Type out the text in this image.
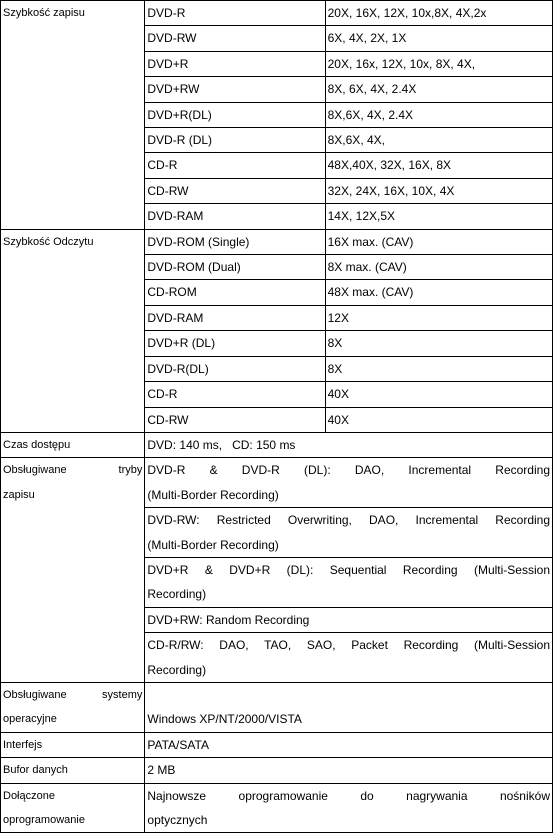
Szybkość zapisu	DVD-R	20X, 16X, 12X, 10x,8X, 4X,2x
	DVD-RW	6X, 4X, 2X, 1X
	DVD+R	20X, 16x, 12X, 10x, 8X, 4X,
	DVD+RW	8X, 6X, 4X, 2.4X
	DVD+R(DL)	8X,6X, 4X, 2.4X
	DVD-R (DL)	8X,6X, 4X,
	CD-R	48X,40X, 32X, 16X, 8X
	CD-RW	32X, 24X, 16X, 10X, 4X
	DVD-RAM	14X, 12X,5X
Szybkość Odczytu	DVD-ROM (Single)	16X max. (CAV)
	DVD-ROM (Dual)	8X max. (CAV)
	CD-ROM	48X max. (CAV)
	DVD-RAM	12X
	DVD+R (DL)	8X
	DVD-R(DL)	8X
	CD-R	40X
	CD-RW	40X
Czas dostępu	DVD: 140 ms,   CD: 150 ms	

Obsługiwane tryby
zapisu	DVD-R & DVD-R (DL): DAO, Incremental Recording
(Multi-Border Recording)	

	DVD-RW: Restricted Overwriting, DAO, Incremental Recording
(Multi-Border Recording)	

	DVD+R & DVD+R (DL): Sequential Recording (Multi-Session
Recording)	

	DVD+RW: Random Recording	

	CD-R/RW: DAO, TAO, SAO, Packet Recording (Multi-Session
Recording)	

Obsługiwane systemy
operacyjne	Windows XP/NT/2000/VISTA	
Interfejs	PATA/SATA	
Bufor danych	2 MB	

Dołączone
oprogramowanie	Najnowsze oprogramowanie do nagrywania nośników
optycznych	
